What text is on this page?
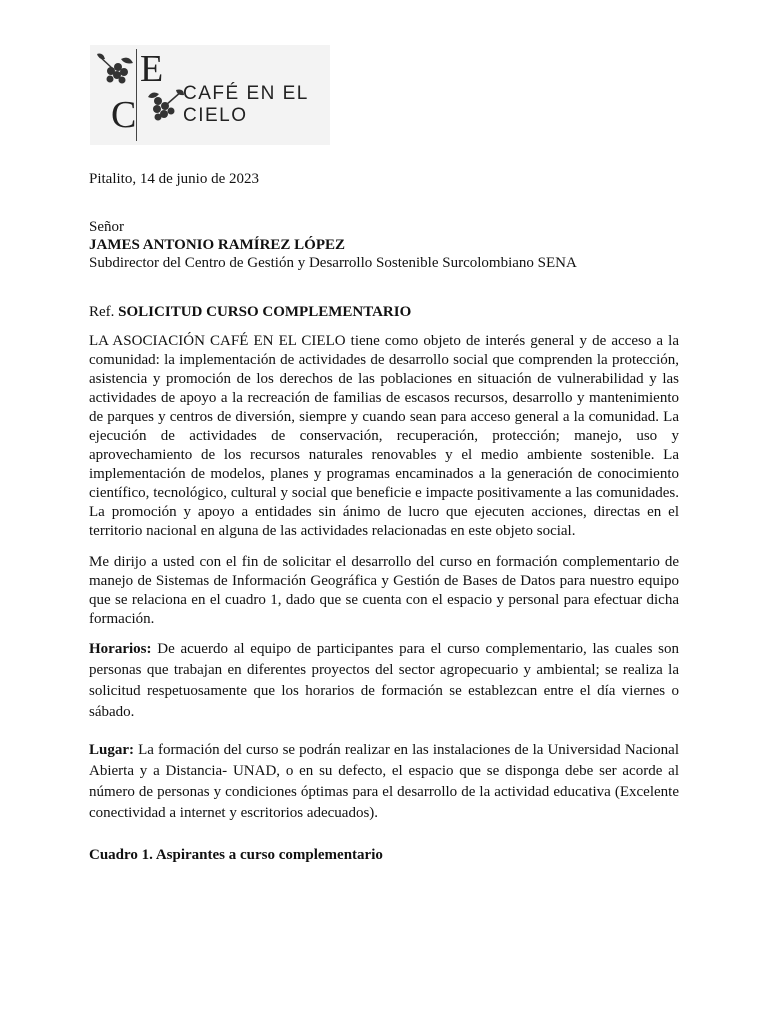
E
C
CAFÉ EN EL CIELO

Pitalito, 14 de junio de 2023

Señor

JAMES ANTONIO RAMÍREZ LÓPEZ

Subdirector del Centro de Gestión y Desarrollo Sostenible Surcolombiano SENA

Ref. SOLICITUD CURSO COMPLEMENTARIO

LA ASOCIACIÓN CAFÉ EN EL CIELO tiene como objeto de interés general y de acceso a la comunidad: la implementación de actividades de desarrollo social que comprenden la protección, asistencia y promoción de los derechos de las poblaciones en situación de vulnerabilidad y las actividades de apoyo a la recreación de familias de escasos recursos, desarrollo y mantenimiento de parques y centros de diversión, siempre y cuando sean para acceso general a la comunidad. La ejecución de actividades de conservación, recuperación, protección; manejo, uso y aprovechamiento de los recursos naturales renovables y el medio ambiente sostenible. La implementación de modelos, planes y programas encaminados a la generación de conocimiento científico, tecnológico, cultural y social que beneficie e impacte positivamente a las comunidades. La promoción y apoyo a entidades sin ánimo de lucro que ejecuten acciones, directas en el territorio nacional en alguna de las actividades relacionadas en este objeto social.

Me dirijo a usted con el fin de solicitar el desarrollo del curso en formación complementario de manejo de Sistemas de Información Geográfica y Gestión de Bases de Datos para nuestro equipo que se relaciona en el cuadro 1, dado que se cuenta con el espacio y personal para efectuar dicha formación.

Horarios: De acuerdo al equipo de participantes para el curso complementario, las cuales son personas que trabajan en diferentes proyectos del sector agropecuario y ambiental; se realiza la solicitud respetuosamente que los horarios de formación se establezcan entre el día viernes o sábado.

Lugar: La formación del curso se podrán realizar en las instalaciones de la Universidad Nacional Abierta y a Distancia- UNAD, o en su defecto, el espacio que se disponga debe ser acorde al número de personas y condiciones óptimas para el desarrollo de la actividad educativa (Excelente conectividad a internet y escritorios adecuados).

Cuadro 1. Aspirantes a curso complementario
